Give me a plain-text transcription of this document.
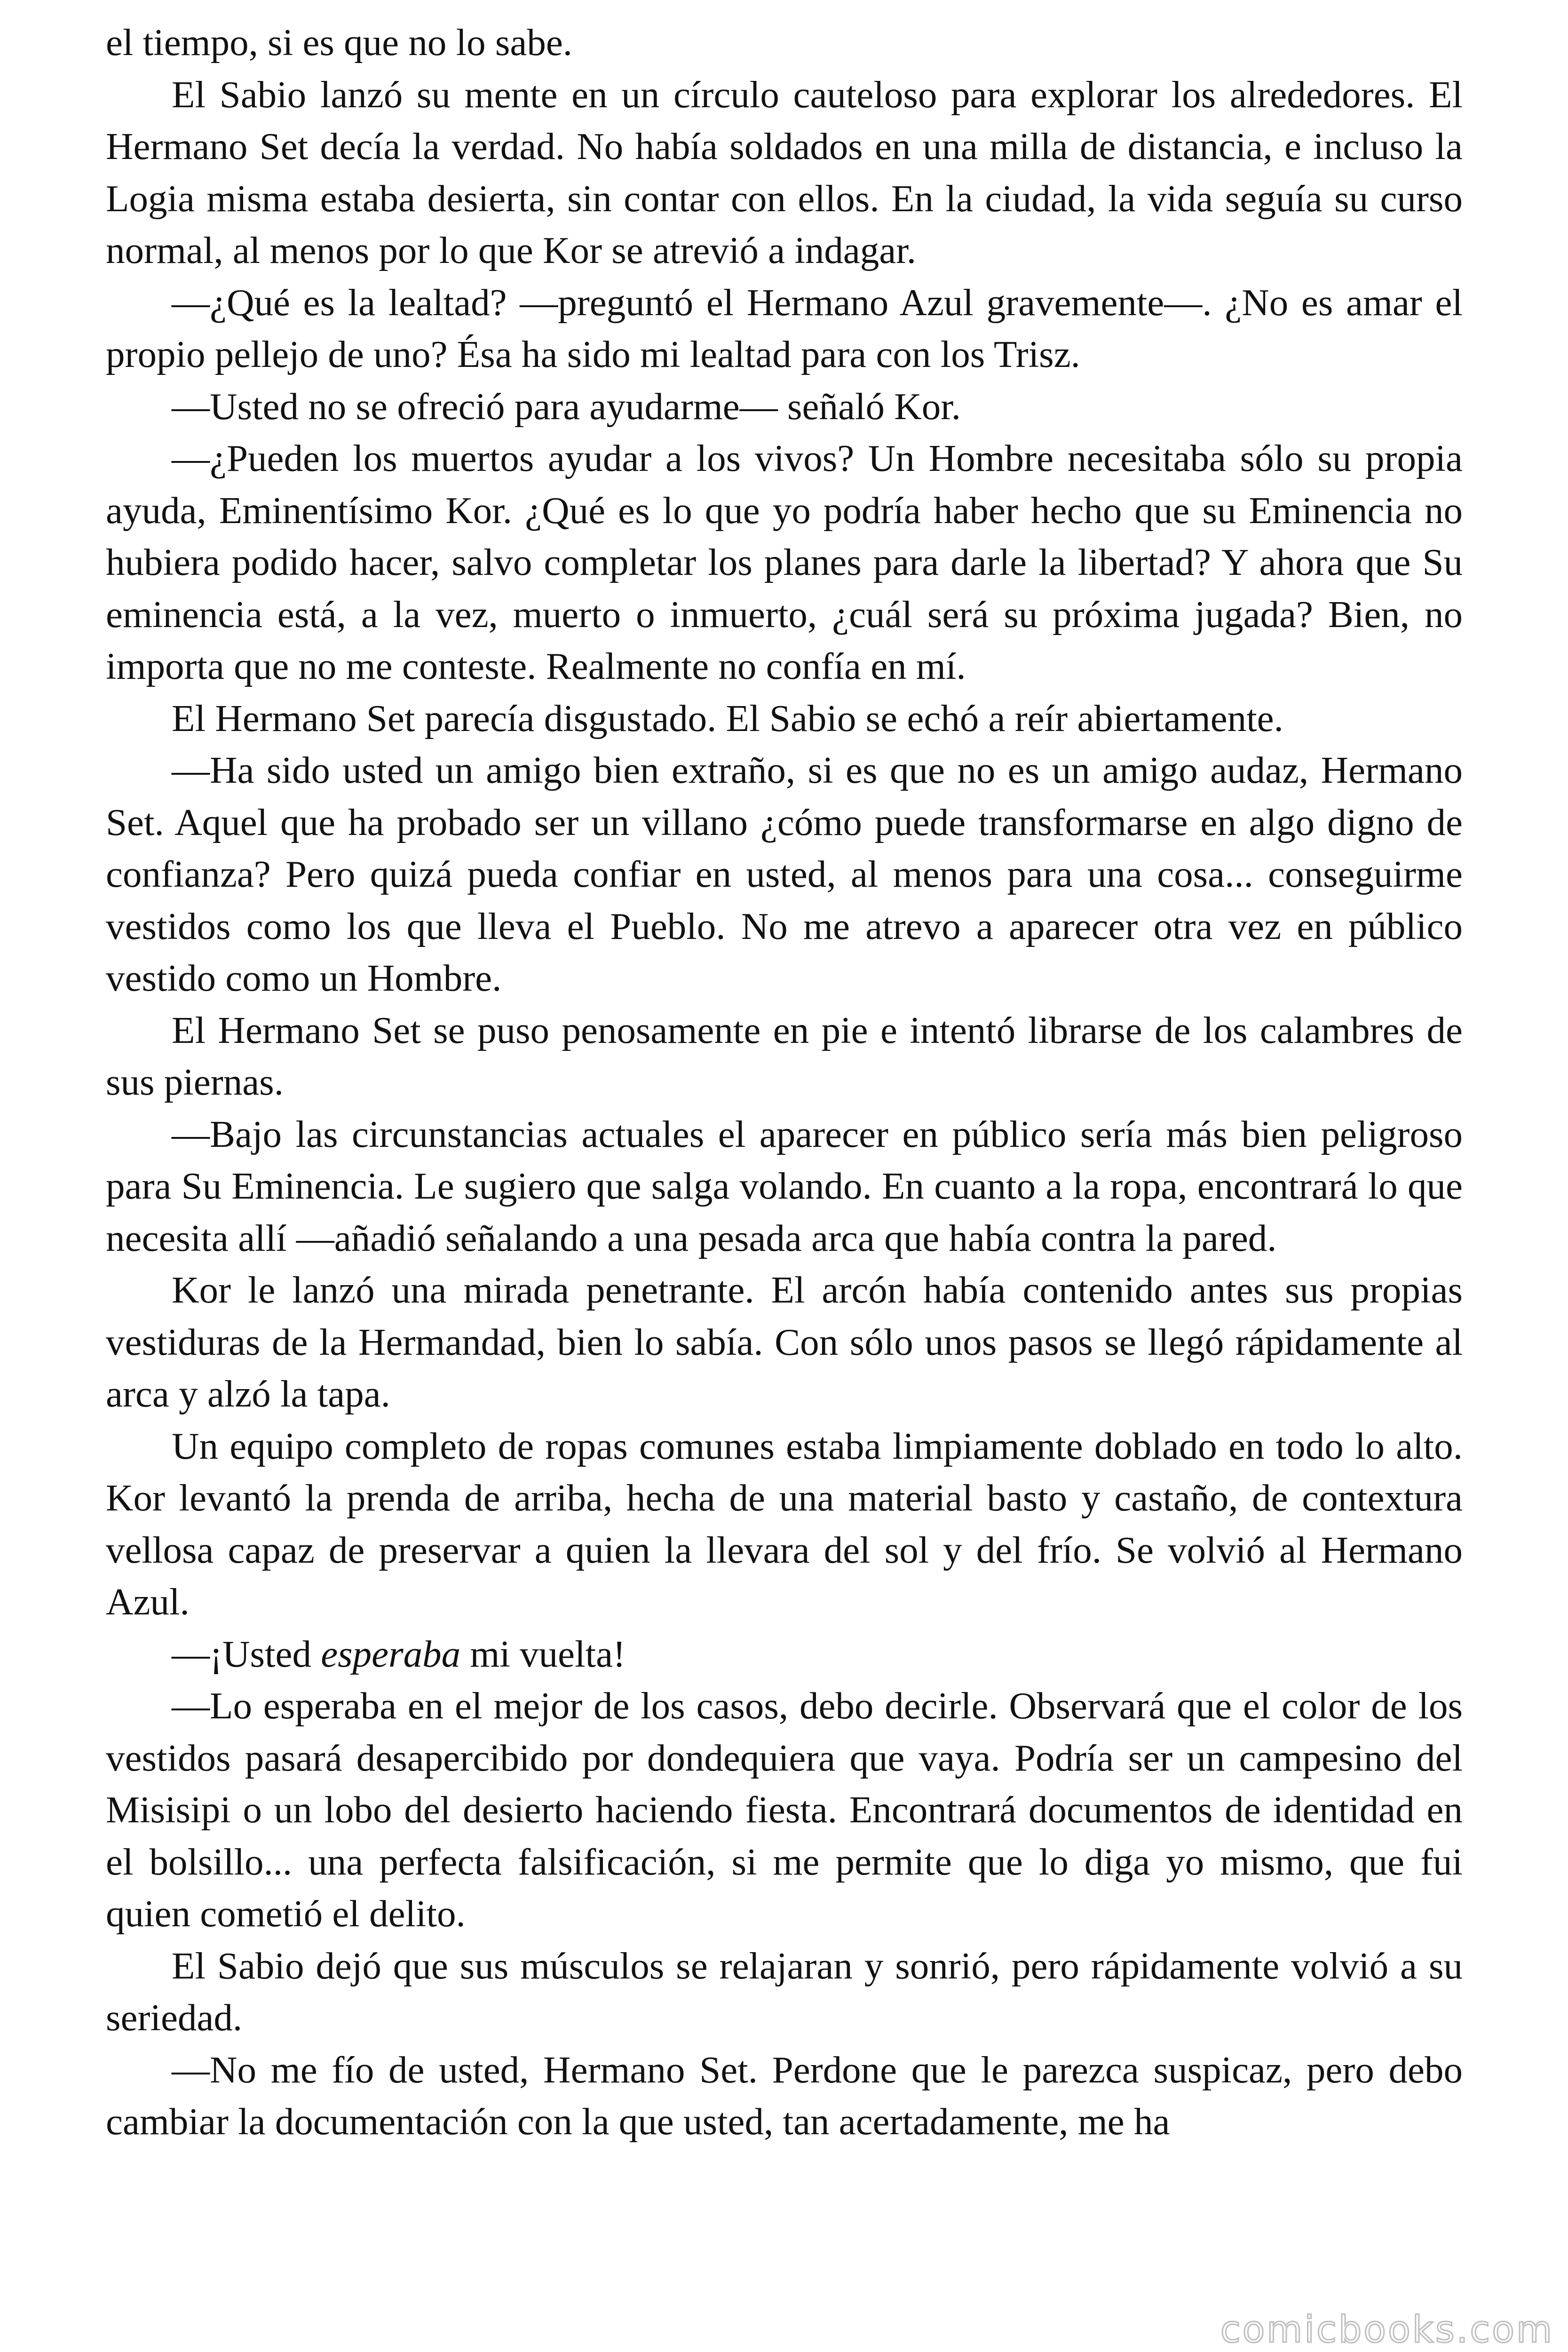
el tiempo, si es que no lo sabe.

El Sabio lanzó su mente en un círculo cauteloso para explorar los alrededores. El Hermano Set decía la verdad. No había soldados en una milla de distancia, e incluso la Logia misma estaba desierta, sin contar con ellos. En la ciudad, la vida seguía su curso normal, al menos por lo que Kor se atrevió a indagar.

—¿Qué es la lealtad? —preguntó el Hermano Azul gravemente—. ¿No es amar el propio pellejo de uno? Ésa ha sido mi lealtad para con los Trisz.

—Usted no se ofreció para ayudarme— señaló Kor.

—¿Pueden los muertos ayudar a los vivos? Un Hombre necesitaba sólo su propia ayuda, Eminentísimo Kor. ¿Qué es lo que yo podría haber hecho que su Eminencia no hubiera podido hacer, salvo completar los planes para darle la libertad? Y ahora que Su eminencia está, a la vez, muerto o inmuerto, ¿cuál será su próxima jugada? Bien, no importa que no me conteste. Realmente no confía en mí.

El Hermano Set parecía disgustado. El Sabio se echó a reír abiertamente.

—Ha sido usted un amigo bien extraño, si es que no es un amigo audaz, Hermano Set. Aquel que ha probado ser un villano ¿cómo puede transformarse en algo digno de confianza? Pero quizá pueda confiar en usted, al menos para una cosa... conseguirme vestidos como los que lleva el Pueblo. No me atrevo a aparecer otra vez en público vestido como un Hombre.

El Hermano Set se puso penosamente en pie e intentó librarse de los calambres de sus piernas.

—Bajo las circunstancias actuales el aparecer en público sería más bien peligroso para Su Eminencia. Le sugiero que salga volando. En cuanto a la ropa, encontrará lo que necesita allí —añadió señalando a una pesada arca que había contra la pared.

Kor le lanzó una mirada penetrante. El arcón había contenido antes sus propias vestiduras de la Hermandad, bien lo sabía. Con sólo unos pasos se llegó rápidamente al arca y alzó la tapa.

Un equipo completo de ropas comunes estaba limpiamente doblado en todo lo alto. Kor levantó la prenda de arriba, hecha de una material basto y castaño, de contextura vellosa capaz de preservar a quien la llevara del sol y del frío. Se volvió al Hermano Azul.

—¡Usted esperaba mi vuelta!

—Lo esperaba en el mejor de los casos, debo decirle. Observará que el color de los vestidos pasará desapercibido por dondequiera que vaya. Podría ser un campesino del Misisipi o un lobo del desierto haciendo fiesta. Encontrará documentos de identidad en el bolsillo... una perfecta falsificación, si me permite que lo diga yo mismo, que fui quien cometió el delito.

El Sabio dejó que sus músculos se relajaran y sonrió, pero rápidamente volvió a su seriedad.

—No me fío de usted, Hermano Set. Perdone que le parezca suspicaz, pero debo cambiar la documentación con la que usted, tan acertadamente, me ha

comicbooks.com
